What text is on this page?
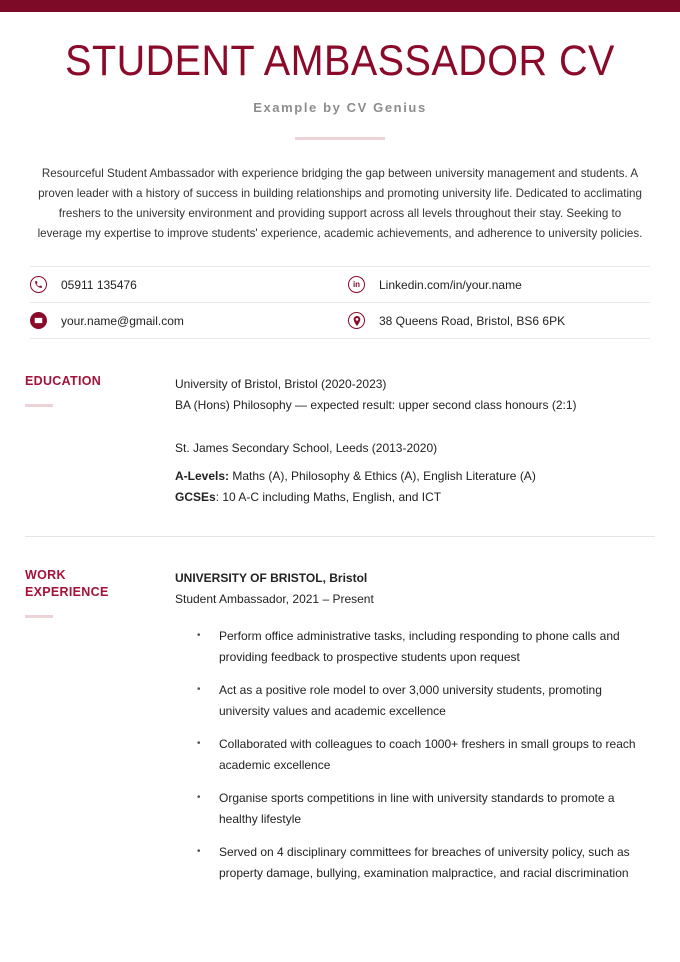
STUDENT AMBASSADOR CV
Example by CV Genius
Resourceful Student Ambassador with experience bridging the gap between university management and students. A proven leader with a history of success in building relationships and promoting university life. Dedicated to acclimating freshers to the university environment and providing support across all levels throughout their stay. Seeking to leverage my expertise to improve students' experience, academic achievements, and adherence to university policies.
05911 135476	in Linkedin.com/in/your.name
your.name@gmail.com	38 Queens Road, Bristol, BS6 6PK
EDUCATION	University of Bristol, Bristol (2020-2023)
BA (Hons) Philosophy — expected result: upper second class honours (2:1)
St. James Secondary School, Leeds (2013-2020)
A-Levels: Maths (A), Philosophy & Ethics (A), English Literature (A)
GCSEs: 10 A-C including Maths, English, and ICT
WORK
EXPERIENCE
UNIVERSITY OF BRISTOL, Bristol
Student Ambassador, 2021 – Present
• Perform office administrative tasks, including responding to phone calls and providing feedback to prospective students upon request
• Act as a positive role model to over 3,000 university students, promoting university values and academic excellence
• Collaborated with colleagues to coach 1000+ freshers in small groups to reach academic excellence
• Organise sports competitions in line with university standards to promote a healthy lifestyle
• Served on 4 disciplinary committees for breaches of university policy, such as property damage, bullying, examination malpractice, and racial discrimination
